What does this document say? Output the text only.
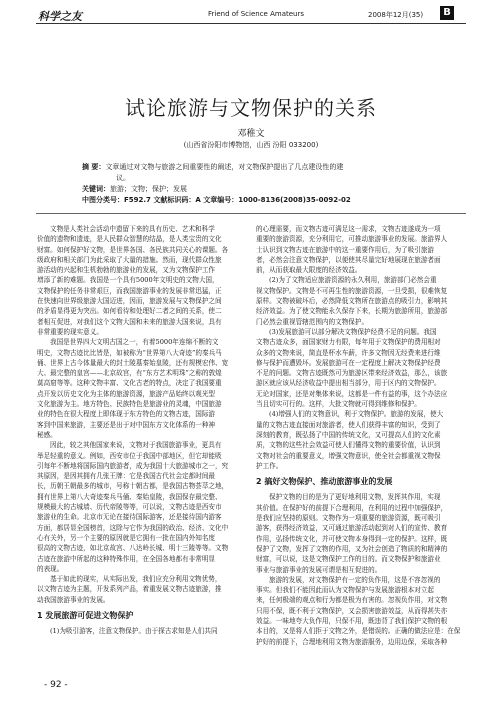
科学之友	Friend of Science Amateurs	2008年12月(35)	B
试论旅游与文物保护的关系
邓稚文
(山西省汾阳市博物馆，山西 汾阳 033200)
摘 要：文章通过对文物与旅游之间重要性的阐述，对文物保护提出了几点建设性的建
议。
关键词：旅游；文物；保护；发展
中图分类号：F592.7 文献标识码：A 文章编号：1000-8136(2008)35-0092-02

文物是人类社会活动中遗留下来的具有历史、艺术和科学

价值的遗物和遗迹，是人民群众智慧的结晶，是人类宝贵的文化

财富。如何保护好文物，是世界各国、各民族共同关心的课题。各

级政府和相关部门为此采取了大量的措施。然而，现代群众性旅

游活动的兴起和生机勃勃的旅游业的发展，又为文物保护工作

增添了新的难题。我国是一个具有5000年文明史的文物大国，

文物保护的任务非常艰巨，而我国旅游事业的发展非常迅猛，正

在快速向世界级旅游大国迈进，因而，旅游发展与文物保护之间

的矛盾显得更为突出。如何看待和处理好二者之间的关系，使二

者相互促进，对我们这个文物大国和未来的旅游大国来说，具有

非常重要的现实意义。

我国是世界四大文明古国之一，有着5000年连绵不断的文

明史，文物古迹比比皆是，如被称为“世界第八大奇迹”的秦兵马

俑、世界上古今体量最大的封土陵墓秦始皇陵，还有规模宏伟、宽

大、最完整的皇宫——北京故宫，有“东方艺术明珠”之称的敦煌

莫高窟等等。这种文物丰富、文化古老的特点，决定了我国要重

点开发以历史文化为主体的旅游资源，旅游产品始终以观光型

文化旅游为主。地方特色、民族特色是旅游业的灵魂，中国旅游

业的特色在很大程度上即体现于东方特色的文物古迹，国际游

客到中国来旅游，主要还是出于对中国东方文化体系的一种神

秘感。

因此，较之其他国家来说，文物对于我国旅游事业，更具有

举足轻重的意义。例如，西安市位于我国中部地区，但它却能吸

引每年不断地将国际国内旅游者，成为我国十大旅游城市之一，究

其原因，是因其拥有几张王牌：它是我国古代社会定都时间最

长，历朝王朝最多的城市，号称十朝古都，是我国古物荟萃之地，

拥有世界上第八大奇迹秦兵马俑、秦始皇陵，我国保存最完整、

规模最大的古城墙、历代帝陵等等，可以说，文物古迹是西安市

旅游业的生命。北京市无论在接待国际游客，还是接待国内游客

方面，都居显全国榜首，这除与它作为我国的政治、经济、文化中

心有关外，另一个主要的原因就是它拥有一批在国内外知名度

很高的文物古迹，如北京故宫、八达岭长城、明十三陵等等。文物

古迹在旅游中所起的这种特殊作用，在全国各地都有非常明显

的表现。

基于如此的现实，从实际出发，我们应充分利用文物优势，

以文物古迹为主题，开发系列产品，着重发展文物古迹旅游，推

动我国旅游事业的发展。

1 发展旅游可促进文物保护

(1)为吸引游客，注意文物保护。由于探古求知是人们共同

的心理需要，而文物古迹可满足这一需求，文物古迹遂成为一项

重要的旅游资源，充分利用它，可推动旅游事业的发展。旅游界人

士认识到文物古迹在旅游中的这一重要作用后，为了吸引旅游

者，必然会注意文物保护，以便使其尽量完好地展现在旅游者面

前，从而获取最大限度的经济效益。

(2)为了文物适应旅游资源的永久利用，旅游部门必然会重

视文物保护。文物是不可再生性的旅游资源，一旦受损，很难恢复

原样。文物被破坏后，必然降低文物所在旅游点的吸引力，影响其

经济效益。为了使文物能永久保存下来，长期为旅游所用，旅游部

门必然会重视管辖范围内的文物保护。

(3)发展旅游可以部分解决文物保护经费不足的问题。我国

文物古迹众多，面国家财力有限，每年用于文物保护的费用相对

众多的文物来说，简直是杯水车薪，许多文物因无经费来进行维

修与保护而遭毁坏。发展旅游可在一定程度上解决文物保护经费

不足的问题。文物古迹既然可为旅游区带来经济效益，那么，该旅

游区就应该从经济收益中提出相当部分，用于区内的文物保护。

无论对国家，还是对集体来说，这都是一件有益的事，这个办法应

当且切实可行的。这样，大批文物就可得到维修和保护。

(4)增强人们的文物意识，利于文物保护。旅游的发展，使大

量的文物古迹直接面对旅游者，使人们获得丰富的知识，受到了

深刻的教育，既弘扬了中国的传统文化，又可提高人们的文化素

质，文物的这些社会效益可使人们懂得文物的重要价值，认识到

文物对社会的重要意义，增强文物意识，使全社会都重视文物保

护工作。

2 搞好文物保护、推动旅游事业的发展

保护文物的目的是为了更好地利用文物，发挥其作用，实现

其价值。在保护好的前提下合理利用，在利用的过程中加强保护，

是我们应坚持的原则。文物作为一项重要的旅游资源，既可吸引

游客，获得经济效益，又可通过旅游活动起到对人们的宣传、教育

作用，弘扬传统文化，并可使文物本身得到一定的保护。这样，既

保护了文物，发挥了文物的作用，又为社会创造了物质的和精神的

财富，可以说，这是文物保护工作的目的。而文物保护和旅游业

事业与旅游事业的发展可谓是相互促进的。

旅游的发展，对文物保护有一定的负作用，这是不容忽视的

事实。但我们不能因此而认为文物保护与发展旅游根本对立起

来，任何极端的观点和行为都是极为有害的。忽视负作用，对文物

只用不保，既不利于文物保护，又会损害旅游效益，从而得甚失亦

效益。一味地夸大负作用，只保不用，既违背了我们保护文物的根

本目的，又是将人们拒于文物之外，是错误的。正确的做法应是：在保

护好的前提下，合理地利用文物为旅游服务，边用边保，采取各种

- 92 -
